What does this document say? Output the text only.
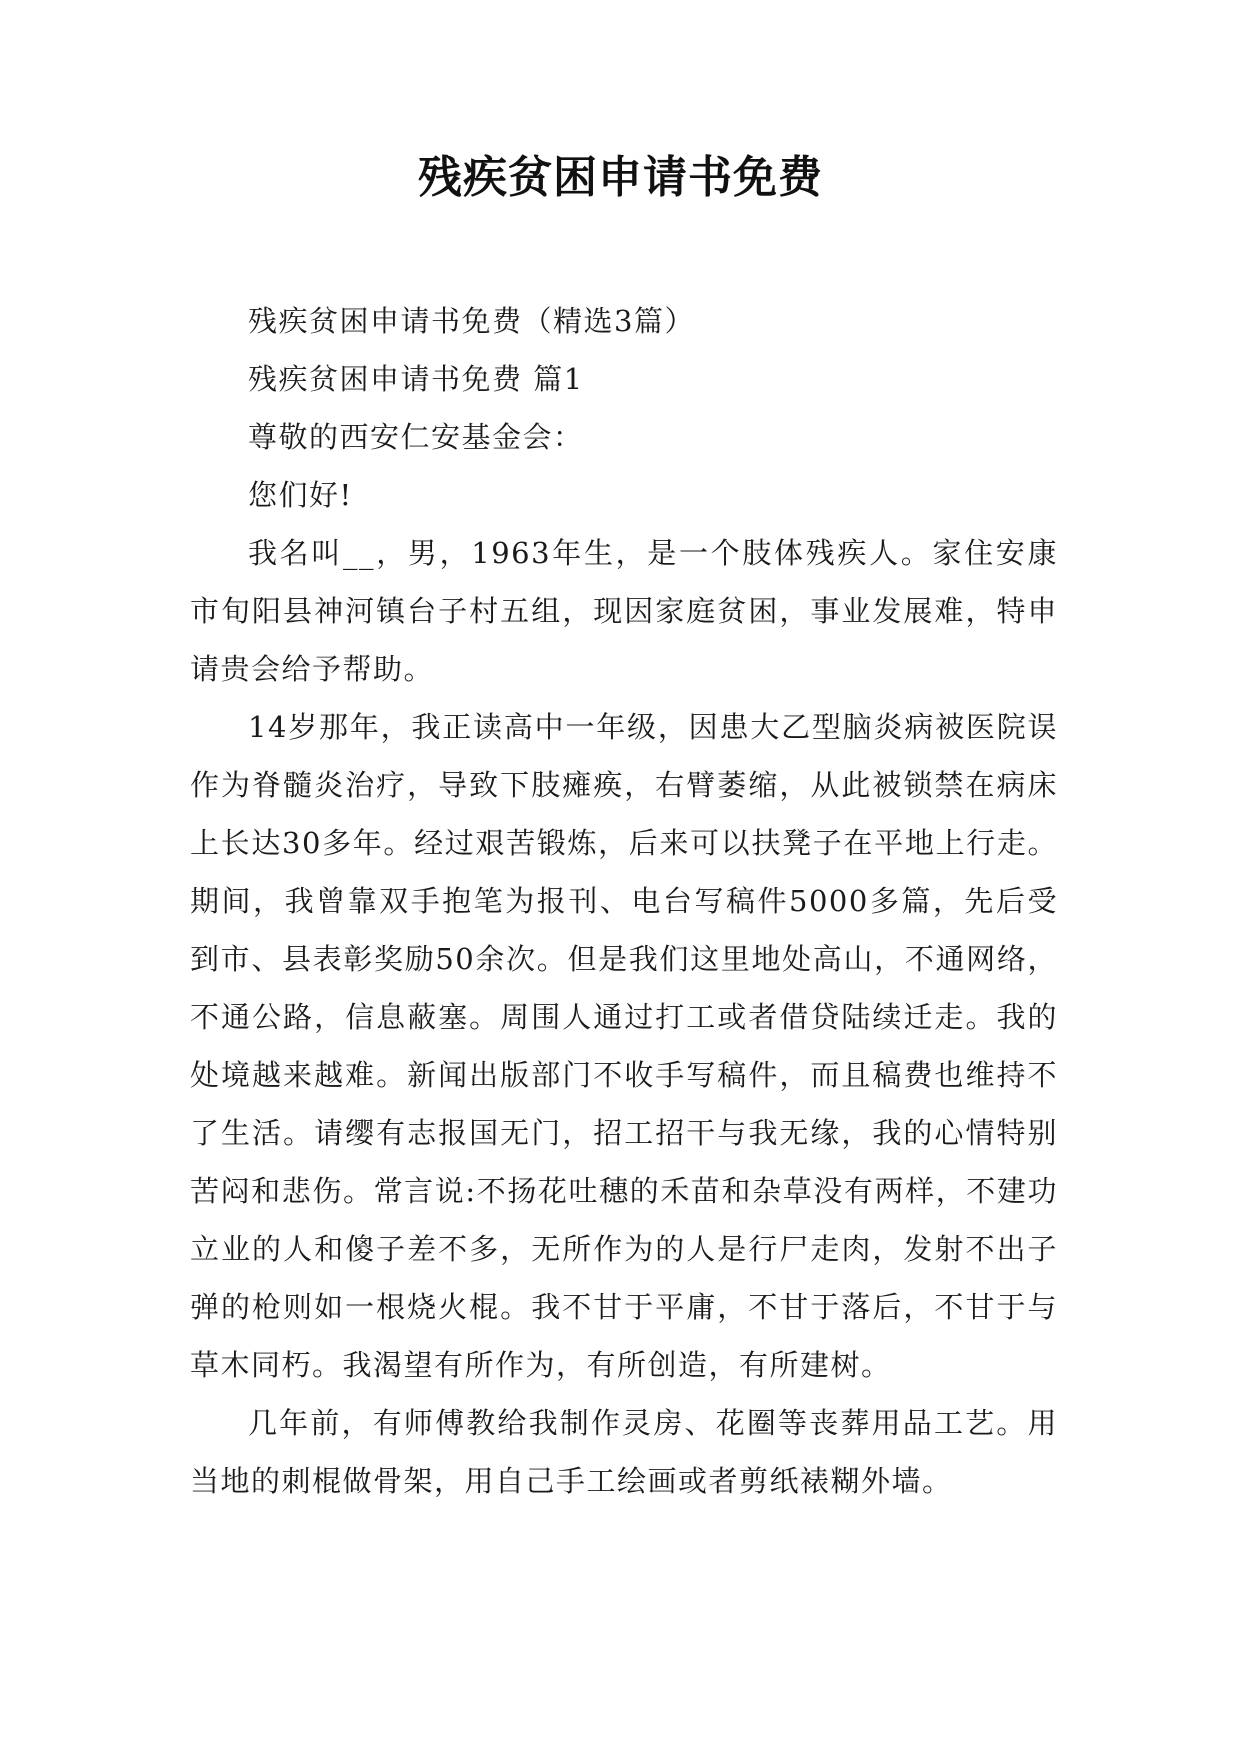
残疾贫困申请书免费

残疾贫困申请书免费（精选3篇）

残疾贫困申请书免费 篇1

尊敬的西安仁安基金会：

您们好!

我名叫__，男，1963年生，是一个肢体残疾人。家住安康市旬阳县神河镇台子村五组，现因家庭贫困，事业发展难，特申请贵会给予帮助。

14岁那年，我正读高中一年级，因患大乙型脑炎病被医院误作为脊髓炎治疗，导致下肢瘫痪，右臂萎缩，从此被锁禁在病床上长达30多年。经过艰苦锻炼，后来可以扶凳子在平地上行走。期间，我曾靠双手抱笔为报刊、电台写稿件5000多篇，先后受到市、县表彰奖励50余次。但是我们这里地处高山，不通网络，不通公路，信息蔽塞。周围人通过打工或者借贷陆续迁走。我的处境越来越难。新闻出版部门不收手写稿件，而且稿费也维持不了生活。请缨有志报国无门，招工招干与我无缘，我的心情特别苦闷和悲伤。常言说:不扬花吐穗的禾苗和杂草没有两样，不建功立业的人和傻子差不多，无所作为的人是行尸走肉，发射不出子弹的枪则如一根烧火棍。我不甘于平庸，不甘于落后，不甘于与草木同朽。我渴望有所作为，有所创造，有所建树。

几年前，有师傅教给我制作灵房、花圈等丧葬用品工艺。用当地的刺棍做骨架，用自己手工绘画或者剪纸裱糊外墙。
